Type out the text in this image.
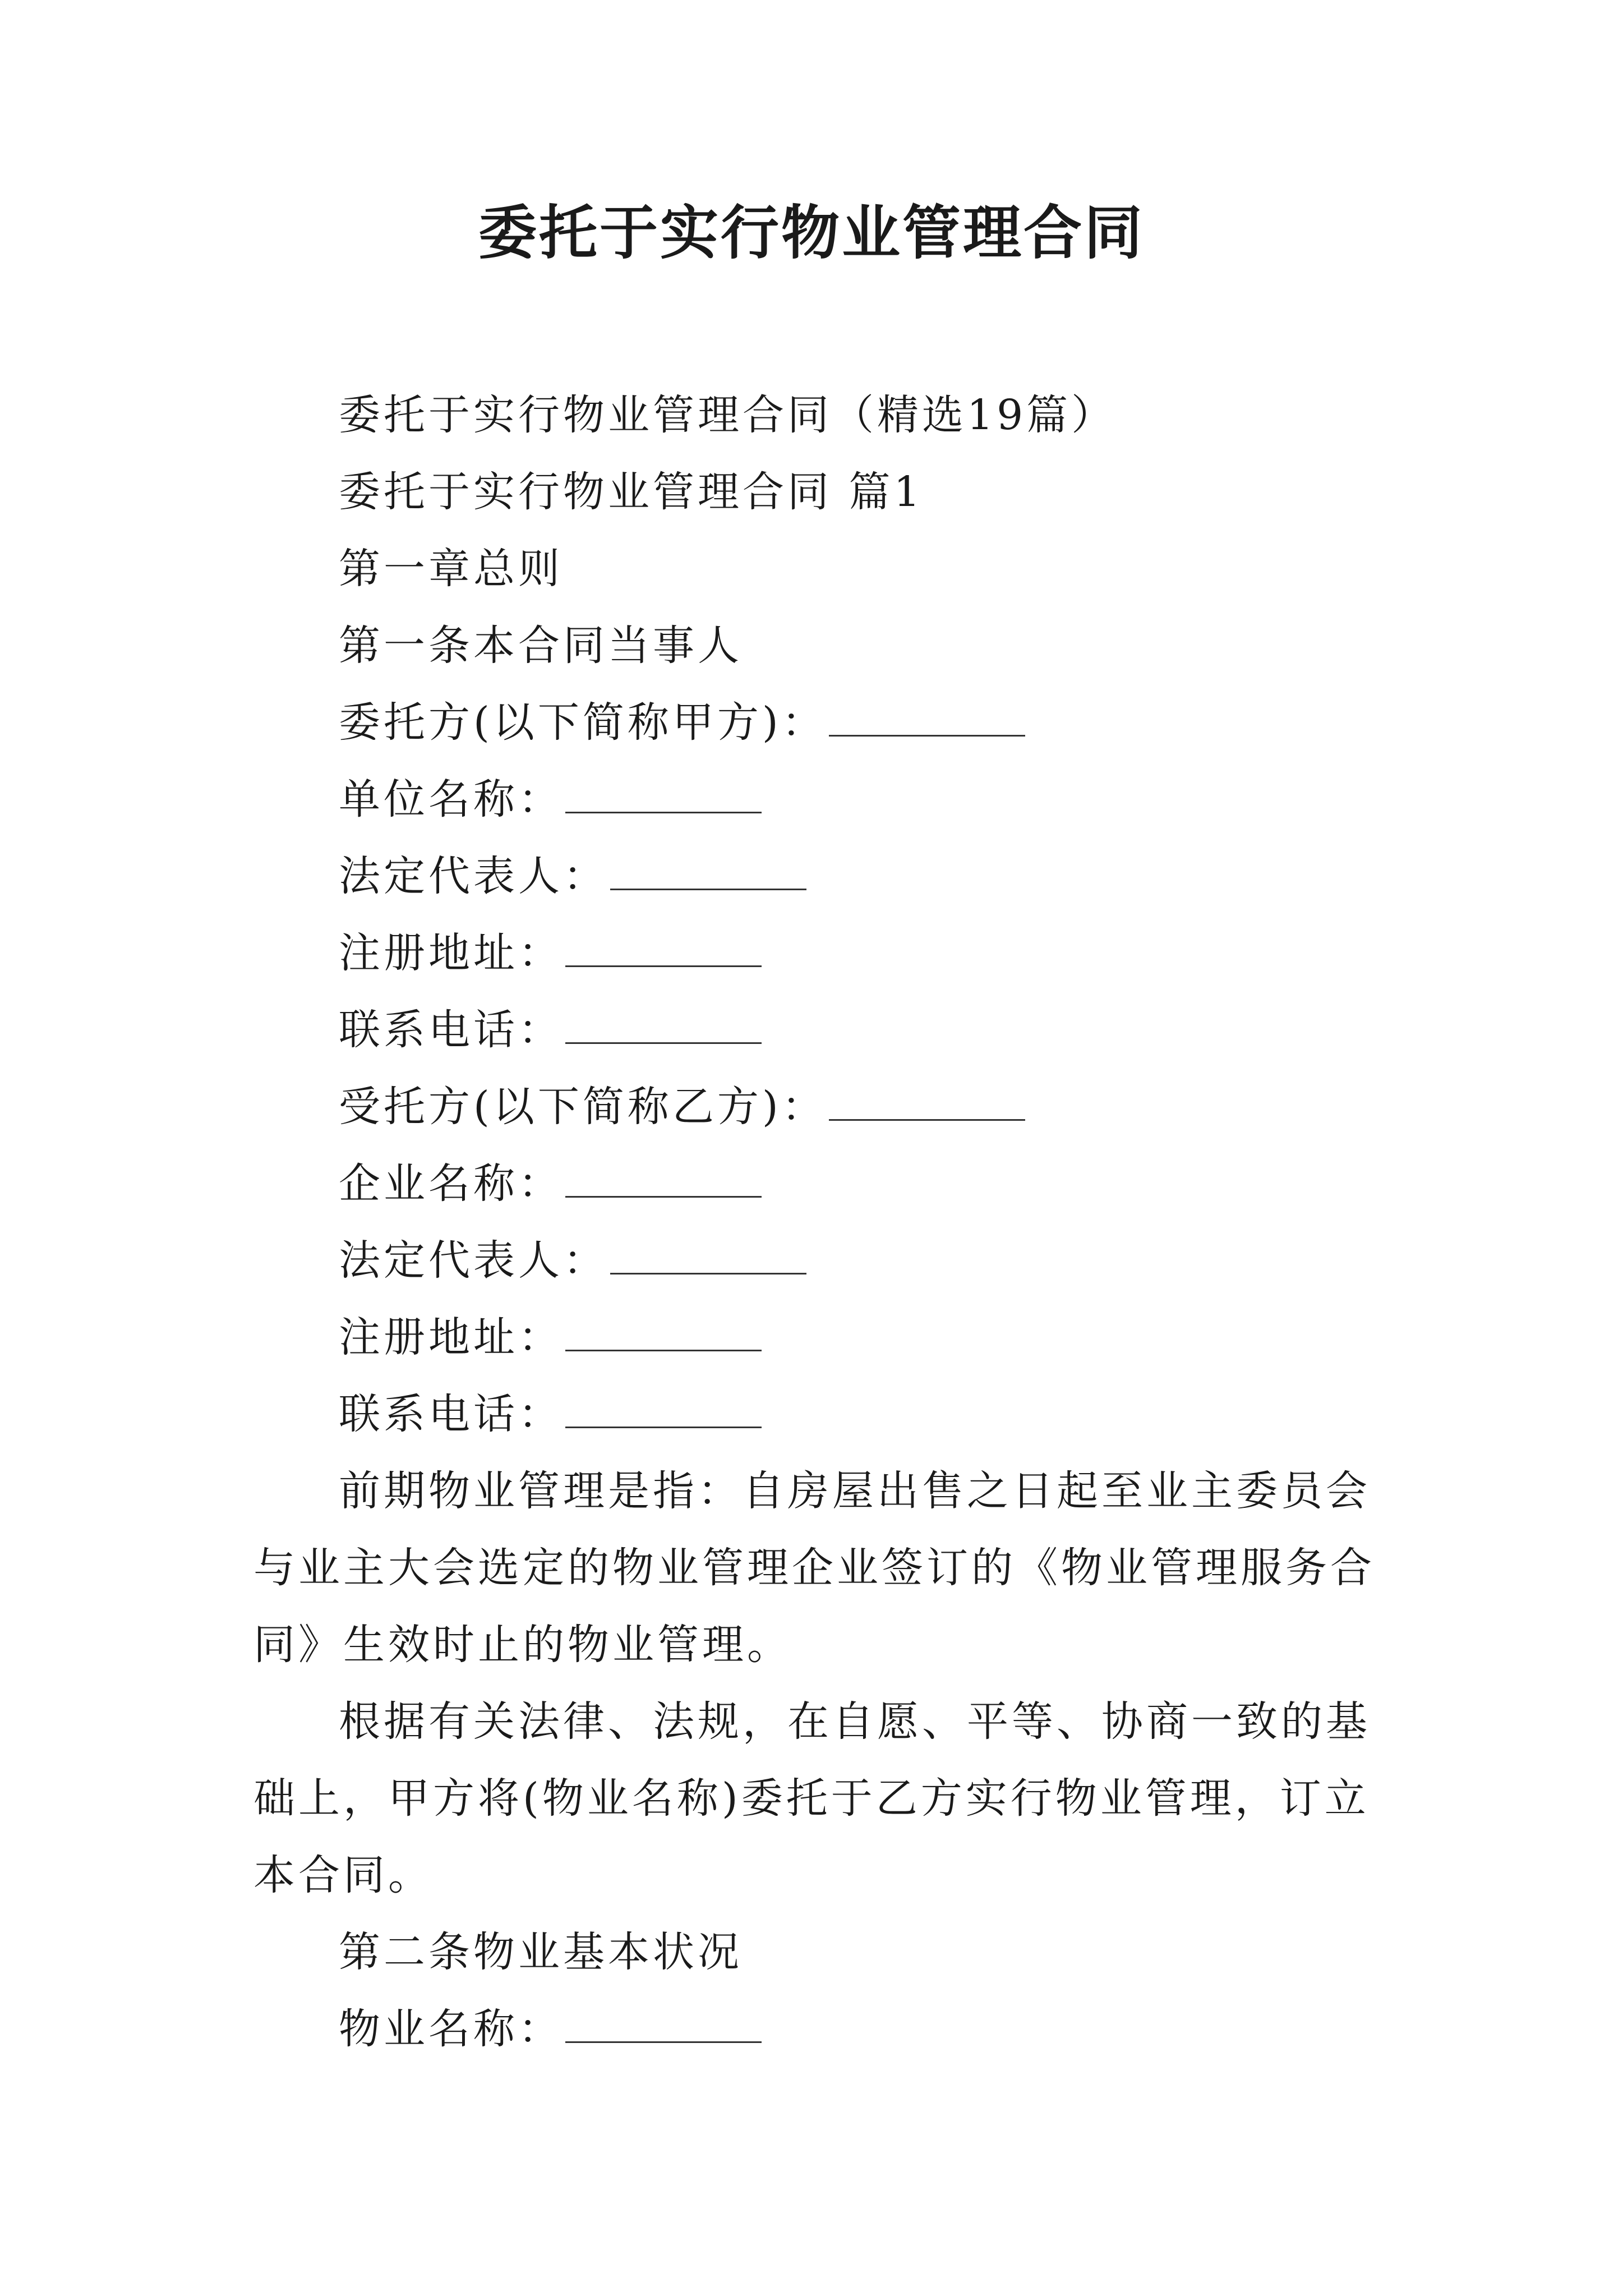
委托于实行物业管理合同

委托于实行物业管理合同（精选19篇）

委托于实行物业管理合同 篇1

第一章总则

第一条本合同当事人

委托方(以下简称甲方)：

单位名称：

法定代表人：

注册地址：

联系电话：

受托方(以下简称乙方)：

企业名称：

法定代表人：

注册地址：

联系电话：

前期物业管理是指：自房屋出售之日起至业主委员会与业主大会选定的物业管理企业签订的《物业管理服务合同》生效时止的物业管理。

根据有关法律、法规，在自愿、平等、协商一致的基础上，甲方将(物业名称)委托于乙方实行物业管理，订立本合同。

第二条物业基本状况

物业名称：
